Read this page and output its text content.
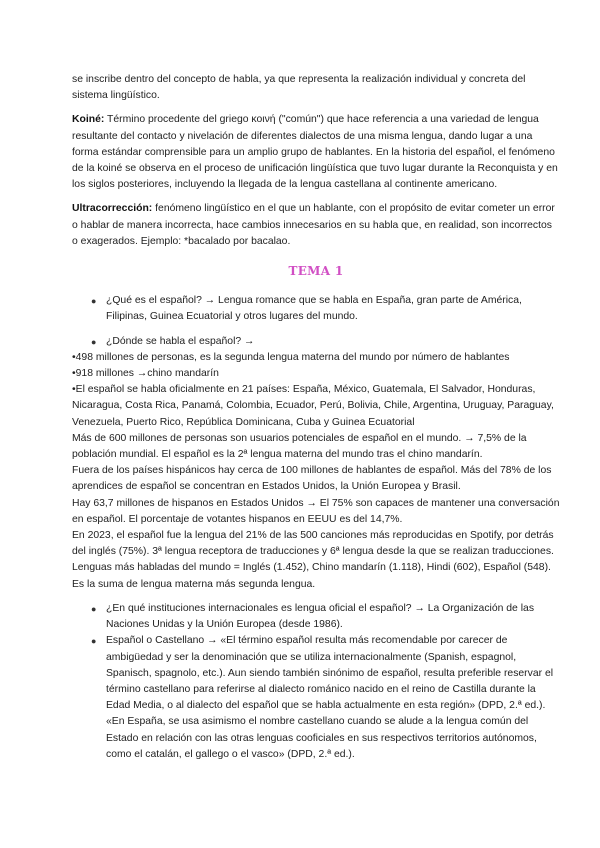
se inscribe dentro del concepto de habla, ya que representa la realización individual y concreta del sistema lingüístico.

Koiné: Término procedente del griego κοινή ("común") que hace referencia a una variedad de lengua resultante del contacto y nivelación de diferentes dialectos de una misma lengua, dando lugar a una forma estándar comprensible para un amplio grupo de hablantes. En la historia del español, el fenómeno de la koiné se observa en el proceso de unificación lingüística que tuvo lugar durante la Reconquista y en los siglos posteriores, incluyendo la llegada de la lengua castellana al continente americano.

Ultracorrección: fenómeno lingüístico en el que un hablante, con el propósito de evitar cometer un error o hablar de manera incorrecta, hace cambios innecesarios en su habla que, en realidad, son incorrectos o exagerados. Ejemplo: *bacalado por bacalao.

TEMA 1
● ¿Qué es el español? → Lengua romance que se habla en España, gran parte de América, Filipinas, Guinea Ecuatorial y otros lugares del mundo.
● ¿Dónde se habla el español? →
•498 millones de personas, es la segunda lengua materna del mundo por número de hablantes
•918 millones →chino mandarín
•El español se habla oficialmente en 21 países: España, México, Guatemala, El Salvador, Honduras, Nicaragua, Costa Rica, Panamá, Colombia, Ecuador, Perú, Bolivia, Chile, Argentina, Uruguay, Paraguay, Venezuela, Puerto Rico, República Dominicana, Cuba y Guinea Ecuatorial
Más de 600 millones de personas son usuarios potenciales de español en el mundo. → 7,5% de la población mundial. El español es la 2ª lengua materna del mundo tras el chino mandarín.
Fuera de los países hispánicos hay cerca de 100 millones de hablantes de español. Más del 78% de los aprendices de español se concentran en Estados Unidos, la Unión Europea y Brasil.
Hay 63,7 millones de hispanos en Estados Unidos → El 75% son capaces de mantener una conversación en español. El porcentaje de votantes hispanos en EEUU es del 14,7%.
En 2023, el español fue la lengua del 21% de las 500 canciones más reproducidas en Spotify, por detrás del inglés (75%). 3ª lengua receptora de traducciones y 6ª lengua desde la que se realizan traducciones.
Lenguas más habladas del mundo = Inglés (1.452), Chino mandarín (1.118), Hindi (602), Español (548). Es la suma de lengua materna más segunda lengua.
● ¿En qué instituciones internacionales es lengua oficial el español? → La Organización de las Naciones Unidas y la Unión Europea (desde 1986).
● Español o Castellano → «El término español resulta más recomendable por carecer de ambigüedad y ser la denominación que se utiliza internacionalmente (Spanish, espagnol, Spanisch, spagnolo, etc.). Aun siendo también sinónimo de español, resulta preferible reservar el término castellano para referirse al dialecto románico nacido en el reino de Castilla durante la Edad Media, o al dialecto del español que se habla actualmente en esta región» (DPD, 2.ª ed.). «En España, se usa asimismo el nombre castellano cuando se alude a la lengua común del Estado en relación con las otras lenguas cooficiales en sus respectivos territorios autónomos, como el catalán, el gallego o el vasco» (DPD, 2.ª ed.).
